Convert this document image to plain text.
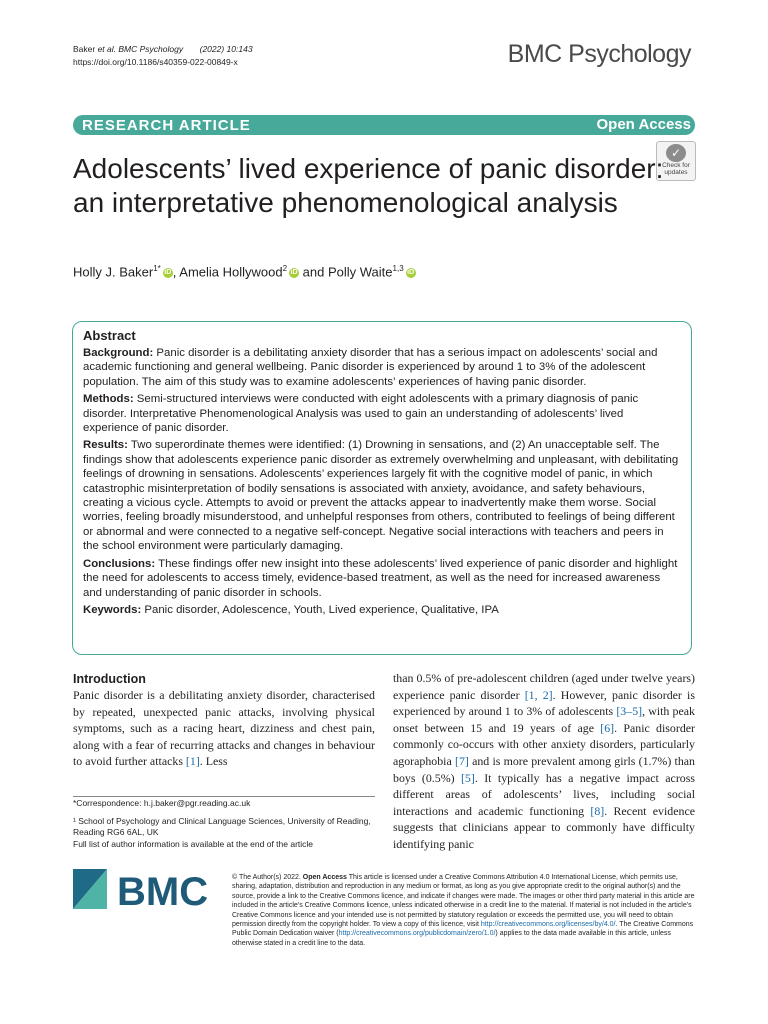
Baker et al. BMC Psychology (2022) 10:143
https://doi.org/10.1186/s40359-022-00849-x	BMC Psychology
RESEARCH ARTICLE	Open Access
✓
Check for
updates
Adolescents’ lived experience of panic disorder: an interpretative phenomenological analysis
Holly J. Baker$^{1*}$ iD , Amelia Hollywood$^2$ iD and Polly Waite$^{1,3}$ iD
Abstract

Background: Panic disorder is a debilitating anxiety disorder that has a serious impact on adolescents’ social and academic functioning and general wellbeing. Panic disorder is experienced by around 1 to 3% of the adolescent population. The aim of this study was to examine adolescents’ experiences of having panic disorder.

Methods: Semi-structured interviews were conducted with eight adolescents with a primary diagnosis of panic disorder. Interpretative Phenomenological Analysis was used to gain an understanding of adolescents’ lived experience of panic disorder.

Results: Two superordinate themes were identified: (1) Drowning in sensations, and (2) An unacceptable self. The findings show that adolescents experience panic disorder as extremely overwhelming and unpleasant, with debilitating feelings of drowning in sensations. Adolescents’ experiences largely fit with the cognitive model of panic, in which catastrophic misinterpretation of bodily sensations is associated with anxiety, avoidance, and safety behaviours, creating a vicious cycle. Attempts to avoid or prevent the attacks appear to inadvertently make them worse. Social worries, feeling broadly misunderstood, and unhelpful responses from others, contributed to feelings of being different or abnormal and were connected to a negative self-concept. Negative social interactions with teachers and peers in the school environment were particularly damaging.

Conclusions: These findings offer new insight into these adolescents’ lived experience of panic disorder and highlight the need for adolescents to access timely, evidence-based treatment, as well as the need for increased awareness and understanding of panic disorder in schools.

Keywords: Panic disorder, Adolescence, Youth, Lived experience, Qualitative, IPA

Introduction
Panic disorder is a debilitating anxiety disorder, characterised by repeated, unexpected panic attacks, involving physical symptoms, such as a racing heart, dizziness and chest pain, along with a fear of recurring attacks and changes in behaviour to avoid further attacks [1]. Less
than 0.5% of pre-adolescent children (aged under twelve years) experience panic disorder [1, 2]. However, panic disorder is experienced by around 1 to 3% of adolescents [3–5], with peak onset between 15 and 19 years of age [6]. Panic disorder commonly co-occurs with other anxiety disorders, particularly agoraphobia [7] and is more prevalent among girls (1.7%) than boys (0.5%) [5]. It typically has a negative impact across different areas of adolescents’ lives, including social interactions and academic functioning [8]. Recent evidence suggests that clinicians appear to commonly have difficulty identifying panic
*Correspondence: h.j.baker@pgr.reading.ac.uk
¹ School of Psychology and Clinical Language Sciences, University of Reading, Reading RG6 6AL, UK
Full list of author information is available at the end of the article
BMC	© The Author(s) 2022. Open Access This article is licensed under a Creative Commons Attribution 4.0 International License, which permits use, sharing, adaptation, distribution and reproduction in any medium or format, as long as you give appropriate credit to the original author(s) and the source, provide a link to the Creative Commons licence, and indicate if changes were made. The images or other third party material in this article are included in the article’s Creative Commons licence, unless indicated otherwise in a credit line to the material. If material is not included in the article’s Creative Commons licence and your intended use is not permitted by statutory regulation or exceeds the permitted use, you will need to obtain permission directly from the copyright holder. To view a copy of this licence, visit http://creativecommons.org/licenses/by/4.0/. The Creative Commons Public Domain Dedication waiver (http://creativecommons.org/publicdomain/zero/1.0/) applies to the data made available in this article, unless otherwise stated in a credit line to the data.
